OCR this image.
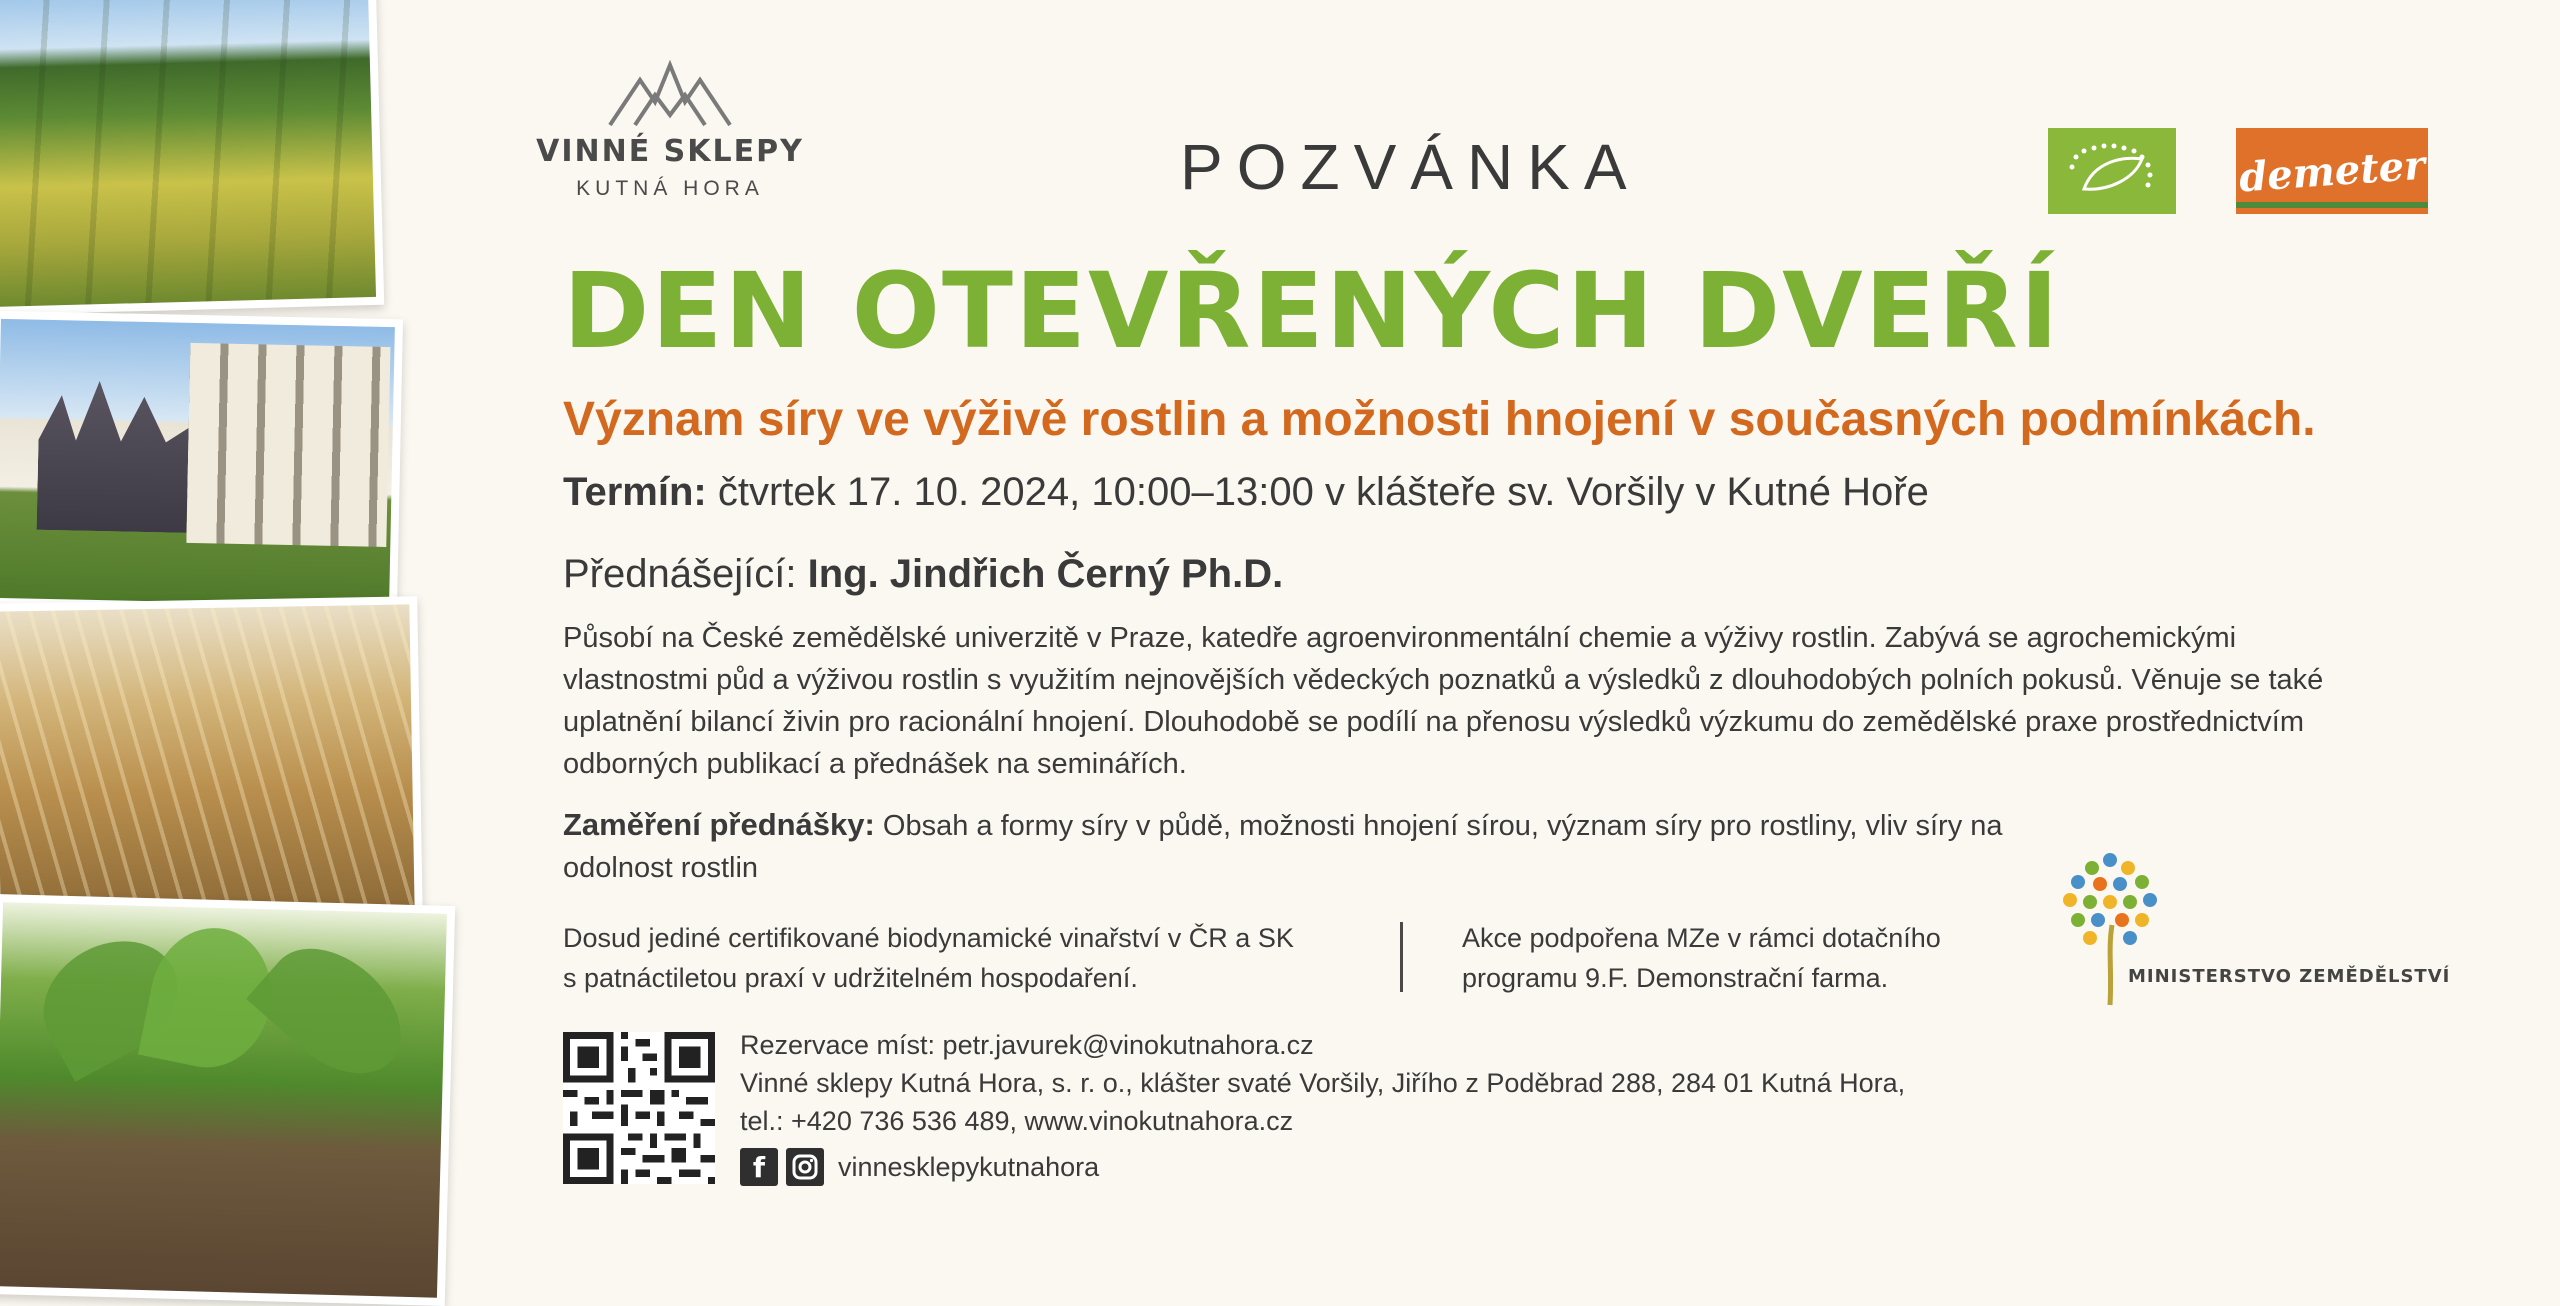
VINNÉ SKLEPY
KUTNÁ HORA	POZVÁNKA	demeter
DEN OTEVŘENÝCH DVEŘÍ
Význam síry ve výživě rostlin a možnosti hnojení v současných podmínkách.
Termín: čtvrtek 17. 10. 2024, 10:00–13:00 v klášteře sv. Voršily v Kutné Hoře
Přednášející: Ing. Jindřich Černý Ph.D.
Působí na České zemědělské univerzitě v Praze, katedře agroenvironmentální chemie a výživy rostlin. Zabývá se agrochemickými vlastnostmi půd a výživou rostlin s využitím nejnovějších vědeckých poznatků a výsledků z dlouhodobých polních pokusů. Věnuje se také uplatnění bilancí živin pro racionální hnojení. Dlouhodobě se podílí na přenosu výsledků výzkumu do zemědělské praxe prostřednictvím odborných publikací a přednášek na seminářích.
Zaměření přednášky: Obsah a formy síry v půdě, možnosti hnojení sírou, význam síry pro rostliny, vliv síry na odolnost rostlin
Dosud jediné certifikované biodynamické vinařství v ČR a SK
s patnáctiletou praxí v udržitelném hospodaření.
Akce podpořena MZe v rámci dotačního
programu 9.F. Demonstrační farma.	MINISTERSTVO ZEMĚDĚLSTVÍ
Rezervace míst: petr.javurek@vinokutnahora.cz
Vinné sklepy Kutná Hora, s. r. o., klášter svaté Voršily, Jiřího z Poděbrad 288, 284 01 Kutná Hora,
tel.: +420 736 536 489, www.vinokutnahora.cz
f	vinnesklepykutnahora
